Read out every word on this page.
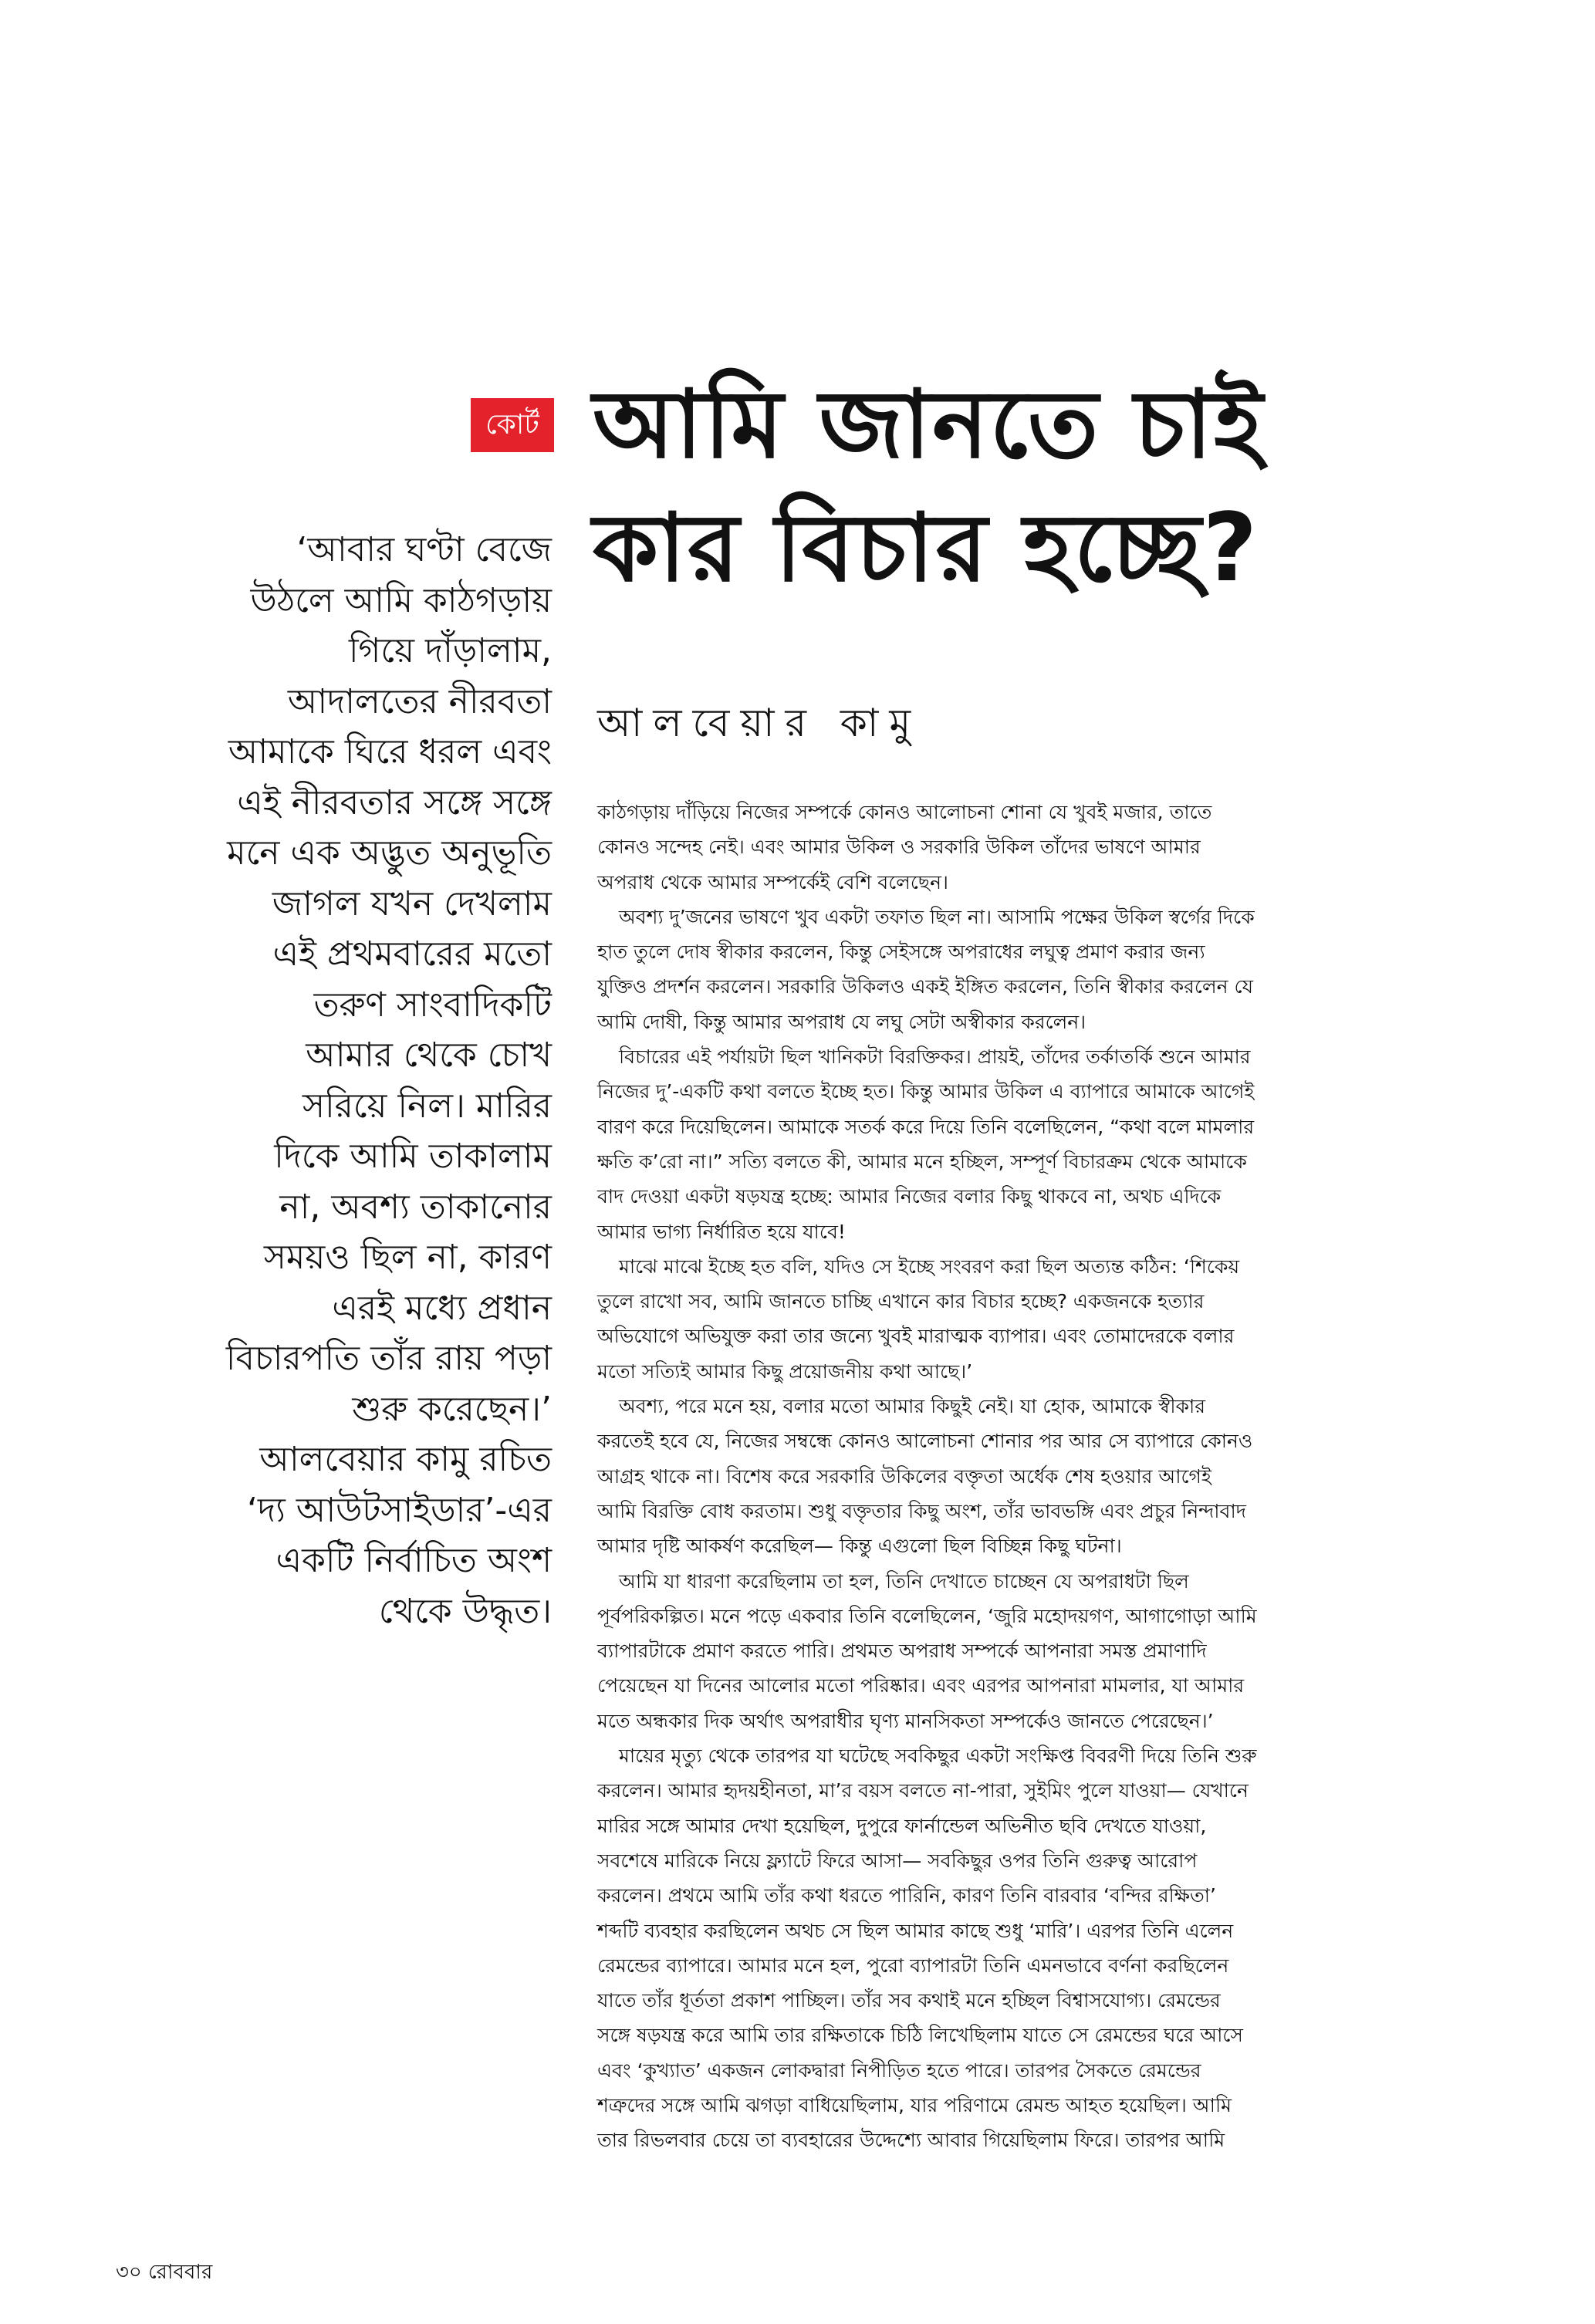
কোর্ট আমি জানতে চাই
কার বিচার হচ্ছে?
আলবেয়ার কামু
‘আবার ঘণ্টা বেজে
উঠলে আমি কাঠগড়ায়
গিয়ে দাঁড়ালাম,
আদালতের নীরবতা
আমাকে ঘিরে ধরল এবং
এই নীরবতার সঙ্গে সঙ্গে
মনে এক অদ্ভুত অনুভূতি
জাগল যখন দেখলাম
এই প্রথমবারের মতো
তরুণ সাংবাদিকটি
আমার থেকে চোখ
সরিয়ে নিল। মারির
দিকে আমি তাকালাম
না, অবশ্য তাকানোর
সময়ও ছিল না, কারণ
এরই মধ্যে প্রধান
বিচারপতি তাঁর রায় পড়া
শুরু করেছেন।’
আলবেয়ার কামু রচিত
‘দ্য আউটসাইডার’-এর
একটি নির্বাচিত অংশ
থেকে উদ্ধৃত।
কাঠগড়ায় দাঁড়িয়ে নিজের সম্পর্কে কোনও আলোচনা শোনা যে খুবই মজার, তাতে
কোনও সন্দেহ নেই। এবং আমার উকিল ও সরকারি উকিল তাঁদের ভাষণে আমার
অপরাধ থেকে আমার সম্পর্কেই বেশি বলেছেন।
অবশ্য দু’জনের ভাষণে খুব একটা তফাত ছিল না। আসামি পক্ষের উকিল স্বর্গের দিকে
হাত তুলে দোষ স্বীকার করলেন, কিন্তু সেইসঙ্গে অপরাধের লঘুত্ব প্রমাণ করার জন্য
যুক্তিও প্রদর্শন করলেন। সরকারি উকিলও একই ইঙ্গিত করলেন, তিনি স্বীকার করলেন যে
আমি দোষী, কিন্তু আমার অপরাধ যে লঘু সেটা অস্বীকার করলেন।
বিচারের এই পর্যায়টা ছিল খানিকটা বিরক্তিকর। প্রায়ই, তাঁদের তর্কাতর্কি শুনে আমার
নিজের দু’-একটি কথা বলতে ইচ্ছে হত। কিন্তু আমার উকিল এ ব্যাপারে আমাকে আগেই
বারণ করে দিয়েছিলেন। আমাকে সতর্ক করে দিয়ে তিনি বলেছিলেন, “কথা বলে মামলার
ক্ষতি ক’রো না।” সত্যি বলতে কী, আমার মনে হচ্ছিল, সম্পূর্ণ বিচারক্রম থেকে আমাকে
বাদ দেওয়া একটা ষড়যন্ত্র হচ্ছে: আমার নিজের বলার কিছু থাকবে না, অথচ এদিকে
আমার ভাগ্য নির্ধারিত হয়ে যাবে!
মাঝে মাঝে ইচ্ছে হত বলি, যদিও সে ইচ্ছে সংবরণ করা ছিল অত্যন্ত কঠিন: ‘শিকেয়
তুলে রাখো সব, আমি জানতে চাচ্ছি এখানে কার বিচার হচ্ছে? একজনকে হত্যার
অভিযোগে অভিযুক্ত করা তার জন্যে খুবই মারাত্মক ব্যাপার। এবং তোমাদেরকে বলার
মতো সত্যিই আমার কিছু প্রয়োজনীয় কথা আছে।’
অবশ্য, পরে মনে হয়, বলার মতো আমার কিছুই নেই। যা হোক, আমাকে স্বীকার
করতেই হবে যে, নিজের সম্বন্ধে কোনও আলোচনা শোনার পর আর সে ব্যাপারে কোনও
আগ্রহ থাকে না। বিশেষ করে সরকারি উকিলের বক্তৃতা অর্ধেক শেষ হওয়ার আগেই
আমি বিরক্তি বোধ করতাম। শুধু বক্তৃতার কিছু অংশ, তাঁর ভাবভঙ্গি এবং প্রচুর নিন্দাবাদ
আমার দৃষ্টি আকর্ষণ করেছিল— কিন্তু এগুলো ছিল বিচ্ছিন্ন কিছু ঘটনা।
আমি যা ধারণা করেছিলাম তা হল, তিনি দেখাতে চাচ্ছেন যে অপরাধটা ছিল
পূর্বপরিকল্পিত। মনে পড়ে একবার তিনি বলেছিলেন, ‘জুরি মহোদয়গণ, আগাগোড়া আমি
ব্যাপারটাকে প্রমাণ করতে পারি। প্রথমত অপরাধ সম্পর্কে আপনারা সমস্ত প্রমাণাদি
পেয়েছেন যা দিনের আলোর মতো পরিষ্কার। এবং এরপর আপনারা মামলার, যা আমার
মতে অন্ধকার দিক অর্থাৎ অপরাধীর ঘৃণ্য মানসিকতা সম্পর্কেও জানতে পেরেছেন।’
মায়ের মৃত্যু থেকে তারপর যা ঘটেছে সবকিছুর একটা সংক্ষিপ্ত বিবরণী দিয়ে তিনি শুরু
করলেন। আমার হৃদয়হীনতা, মা’র বয়স বলতে না-পারা, সুইমিং পুলে যাওয়া— যেখানে
মারির সঙ্গে আমার দেখা হয়েছিল, দুপুরে ফার্নান্ডেল অভিনীত ছবি দেখতে যাওয়া,
সবশেষে মারিকে নিয়ে ফ্ল্যাটে ফিরে আসা— সবকিছুর ওপর তিনি গুরুত্ব আরোপ
করলেন। প্রথমে আমি তাঁর কথা ধরতে পারিনি, কারণ তিনি বারবার ‘বন্দির রক্ষিতা’
শব্দটি ব্যবহার করছিলেন অথচ সে ছিল আমার কাছে শুধু ‘মারি’। এরপর তিনি এলেন
রেমন্ডের ব্যাপারে। আমার মনে হল, পুরো ব্যাপারটা তিনি এমনভাবে বর্ণনা করছিলেন
যাতে তাঁর ধূর্ততা প্রকাশ পাচ্ছিল। তাঁর সব কথাই মনে হচ্ছিল বিশ্বাসযোগ্য। রেমন্ডের
সঙ্গে ষড়যন্ত্র করে আমি তার রক্ষিতাকে চিঠি লিখেছিলাম যাতে সে রেমন্ডের ঘরে আসে
এবং ‘কুখ্যাত’ একজন লোকদ্বারা নিপীড়িত হতে পারে। তারপর সৈকতে রেমন্ডের
শত্রুদের সঙ্গে আমি ঝগড়া বাধিয়েছিলাম, যার পরিণামে রেমন্ড আহত হয়েছিল। আমি
তার রিভলবার চেয়ে তা ব্যবহারের উদ্দেশ্যে আবার গিয়েছিলাম ফিরে। তারপর আমি
৩০ রোববার
